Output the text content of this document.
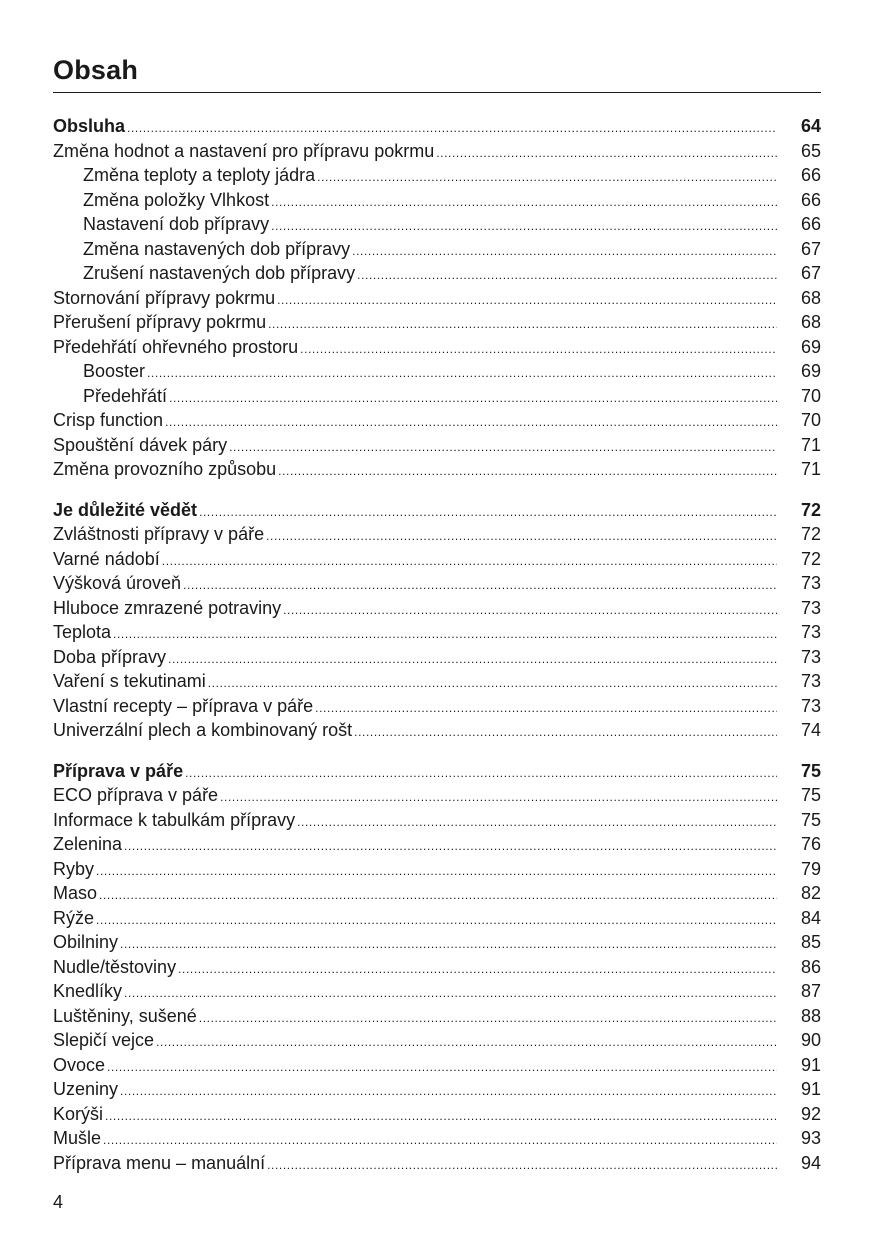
Obsah
Obsluha .....	64
Změna hodnot a nastavení pro přípravu pokrmu .....	65
Změna teploty a teploty jádra .....	66
Změna položky Vlhkost .....	66
Nastavení dob přípravy .....	66
Změna nastavených dob přípravy .....	67
Zrušení nastavených dob přípravy .....	67
Stornování přípravy pokrmu .....	68
Přerušení přípravy pokrmu .....	68
Předehřátí ohřevného prostoru .....	69
Booster .....	69
Předehřátí .....	70
Crisp function .....	70
Spouštění dávek páry .....	71
Změna provozního způsobu .....	71
Je důležité vědět .....	72
Zvláštnosti přípravy v páře .....	72
Varné nádobí .....	72
Výšková úroveň .....	73
Hluboce zmrazené potraviny .....	73
Teplota .....	73
Doba přípravy .....	73
Vaření s tekutinami .....	73
Vlastní recepty – příprava v páře .....	73
Univerzální plech a kombinovaný rošt .....	74
Příprava v páře .....	75
ECO příprava v páře .....	75
Informace k tabulkám přípravy .....	75
Zelenina .....	76
Ryby .....	79
Maso .....	82
Rýže .....	84
Obilniny .....	85
Nudle/těstoviny .....	86
Knedlíky .....	87
Luštěniny, sušené .....	88
Slepičí vejce .....	90
Ovoce .....	91
Uzeniny .....	91
Korýši .....	92
Mušle .....	93
Příprava menu – manuální .....	94
4
